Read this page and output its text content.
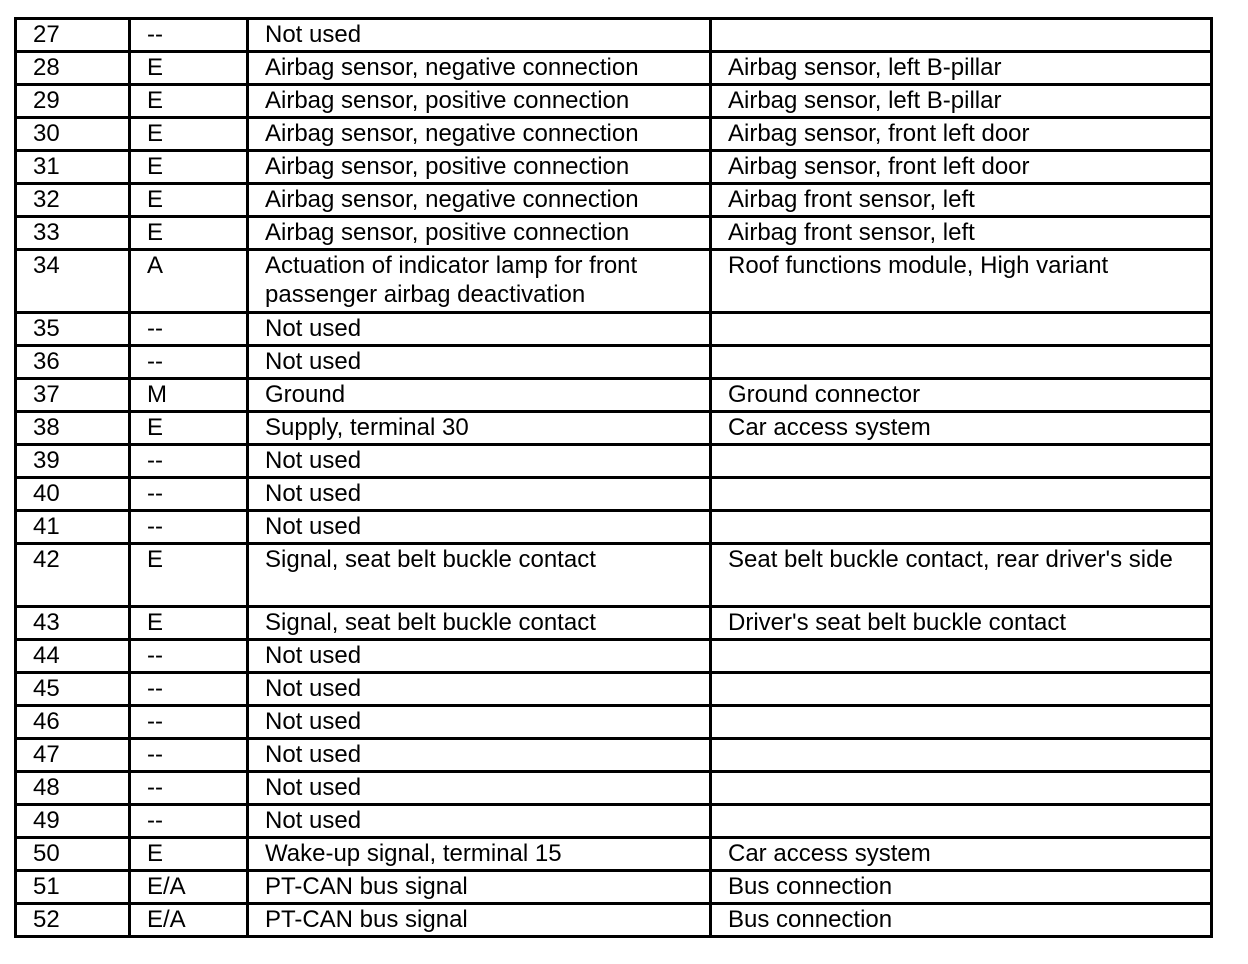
27	--	Not used	
28	E	Airbag sensor, negative connection	Airbag sensor, left B-pillar
29	E	Airbag sensor, positive connection	Airbag sensor, left B-pillar
30	E	Airbag sensor, negative connection	Airbag sensor, front left door
31	E	Airbag sensor, positive connection	Airbag sensor, front left door
32	E	Airbag sensor, negative connection	Airbag front sensor, left
33	E	Airbag sensor, positive connection	Airbag front sensor, left
34	A	Actuation of indicator lamp for front passenger airbag deactivation	Roof functions module, High variant
35	--	Not used	
36	--	Not used	
37	M	Ground	Ground connector
38	E	Supply, terminal 30	Car access system
39	--	Not used	
40	--	Not used	
41	--	Not used	
42	E	Signal, seat belt buckle contact	Seat belt buckle contact, rear driver's side
43	E	Signal, seat belt buckle contact	Driver's seat belt buckle contact
44	--	Not used	
45	--	Not used	
46	--	Not used	
47	--	Not used	
48	--	Not used	
49	--	Not used	
50	E	Wake-up signal, terminal 15	Car access system
51	E/A	PT-CAN bus signal	Bus connection
52	E/A	PT-CAN bus signal	Bus connection
